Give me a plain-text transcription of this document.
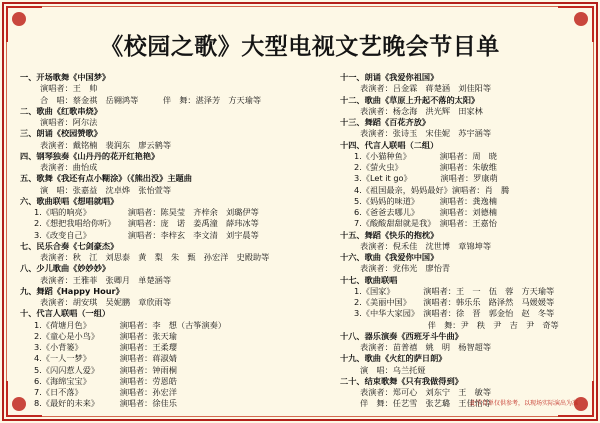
《校园之歌》大型电视文艺晚会节目单
一、开场歌舞《中国梦》
演唱者：王　帅
合　唱：蔡金祺　岳翱鸿等　　　伴　舞：湛泽芳　方天瑜等
二、歌曲《红歌串烧》
演唱者：阿尔法
三、朗诵《校园赞歌》
表演者：戴铭楠　裴润东　廖云鹤等
四、钢琴独奏《山丹丹的花开红艳艳》
表演者：曲怡成
五、歌舞《我还有点小糊涂》（《熊出没》主题曲
演　唱：张嘉益　沈卓烨　张怡萱等
六、歌曲联唱《想唱就唱》
1.《唱的响亮》　　　　　演唱者：陈昊莹　齐梓余　刘璐伊等
2.《想把我唱给你听》　　演唱者：庞　诺　姜禹潼　薛玮冰等
3.《改变自己》　　　　　演唱者：李梓玄　李文清　刘宇晨等
七、民乐合奏《七剑豪杰》
表演者：秋　江　刘思泰　黄　梨　朱　甄　孙宏洋　史殿助等
八、少儿歌曲《妙妙妙》
表演者：王雅菲　张卿月　单楚涵等
九、舞蹈《Happy Hour》
表演者：胡安琪　吴妮鹏　章欣雨等
十、代言人联唱（一组）
1.《荷塘月色》　　　　演唱者：李　想（古筝演奏）
2.《童心是小鸟》　　　演唱者：张天瑜
3.《小背篓》　　　　　演唱者：王柔璎
4.《一人一梦》　　　　演唱者：蒋淑婧
5.《闪闪惹人爱》　　　演唱者：钟雨桐
6.《海绵宝宝》　　　　演唱者：劳恩皓
7.《日不落》　　　　　演唱者：孙宏洋
8.《最好的未来》　　　演唱者：徐佳乐
十一、朗诵《我爱你祖国》
表演者：吕金霖　蒋楚涵　刘佳阳等
十二、歌曲《草原上升起不落的太阳》
表演者：杨念海　洪光辉　田家林
十三、舞蹈《百花齐放》
表演者：张诗玉　宋佳妮　苏宇涵等
十四、代言人联唱（二组）
1.《小猫种鱼》　　　　演唱者：周　晓
2.《萤火虫》　　　　　演唱者：朱敏维
3.《Let it go》　　　　演唱者：罗康萌
4.《祖国最亲，妈妈最好》演唱者：肖　腾
5.《妈妈的味道》　　　演唱者：龚逸楠
6.《爸爸去哪儿》　　　演唱者：刘德楠
7.《酸酸甜甜就是我》　演唱者：王嘉怡
十五、舞蹈《快乐的抱枕》
表演者：倪禾佳　沈世博　章锦坤等
十六、歌曲《我爱你中国》
表演者：党伟光　廖怡青
十七、歌曲联唱
1.《国家》　　　　演唱者：王　一　伍　蓉　方天瑜等
2.《美丽中国》　　演唱者：韩乐乐　路泽然　马媛媛等
3.《中华大家园》　演唱者：徐　晋　郭金怡　赵　冬等
　　　　　　　　　伴　舞：尹　秩　尹　吉　尹　奇等
十八、器乐演奏《西班牙斗牛曲》
表演者：苗普禧　姚　明　杨智超等
十九、歌曲《火红的萨日朗》
演　唱：乌兰托娅
二十、结束歌舞《只有我做得到》
表演者：郑可心　刘东宁　王　敏等
伴　舞：任艺雪　张艺璐　王佳怡等
此节目单仅供参考，以现场实际演出为准
